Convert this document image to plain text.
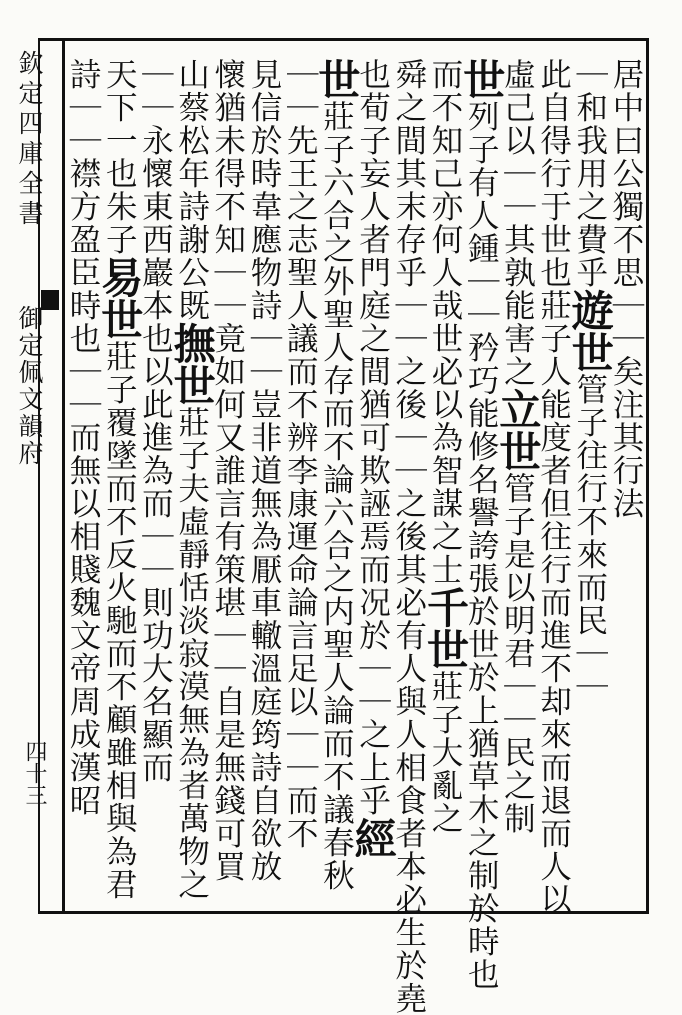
欽定四庫全書
御定佩文韻府
四十三
居中曰公獨不思｜｜矣注其行法
｜和我用之費乎遊世管子往行不來而民｜｜
此自得行于世也莊子人能度者但往行而進不却來而退而人以
虛己以｜｜其孰能害之立世管子是以明君｜｜民之制
世列子有人鍾｜｜矜巧能修名譽誇張於世於上猶草木之制於時也
而不知己亦何人哉世必以為智謀之士千世莊子大亂之
舜之間其末存乎｜｜之後｜｜之後其必有人與人相食者本必生於堯
也荀子妄人者門庭之間猶可欺誣焉而况於｜｜之上乎經
世莊子六合之外聖人存而不論六合之内聖人論而不議春秋
｜｜先王之志聖人議而不辨李康運命論言足以｜｜而不
見信於時韋應物詩｜｜豈非道無為厭車轍溫庭筠詩自欲放
懷猶未得不知｜｜竟如何又誰言有策堪｜｜自是無錢可買
山蔡松年詩謝公既撫世莊子夫虛靜恬淡寂漠無為者萬物之
｜｜永懷東西巖本也以此進為而｜｜則功大名顯而
天下一也朱子易世莊子覆墜而不反火馳而不顧雖相與為君
詩｜｜襟方盈臣時也｜｜而無以相賤魏文帝周成漢昭
